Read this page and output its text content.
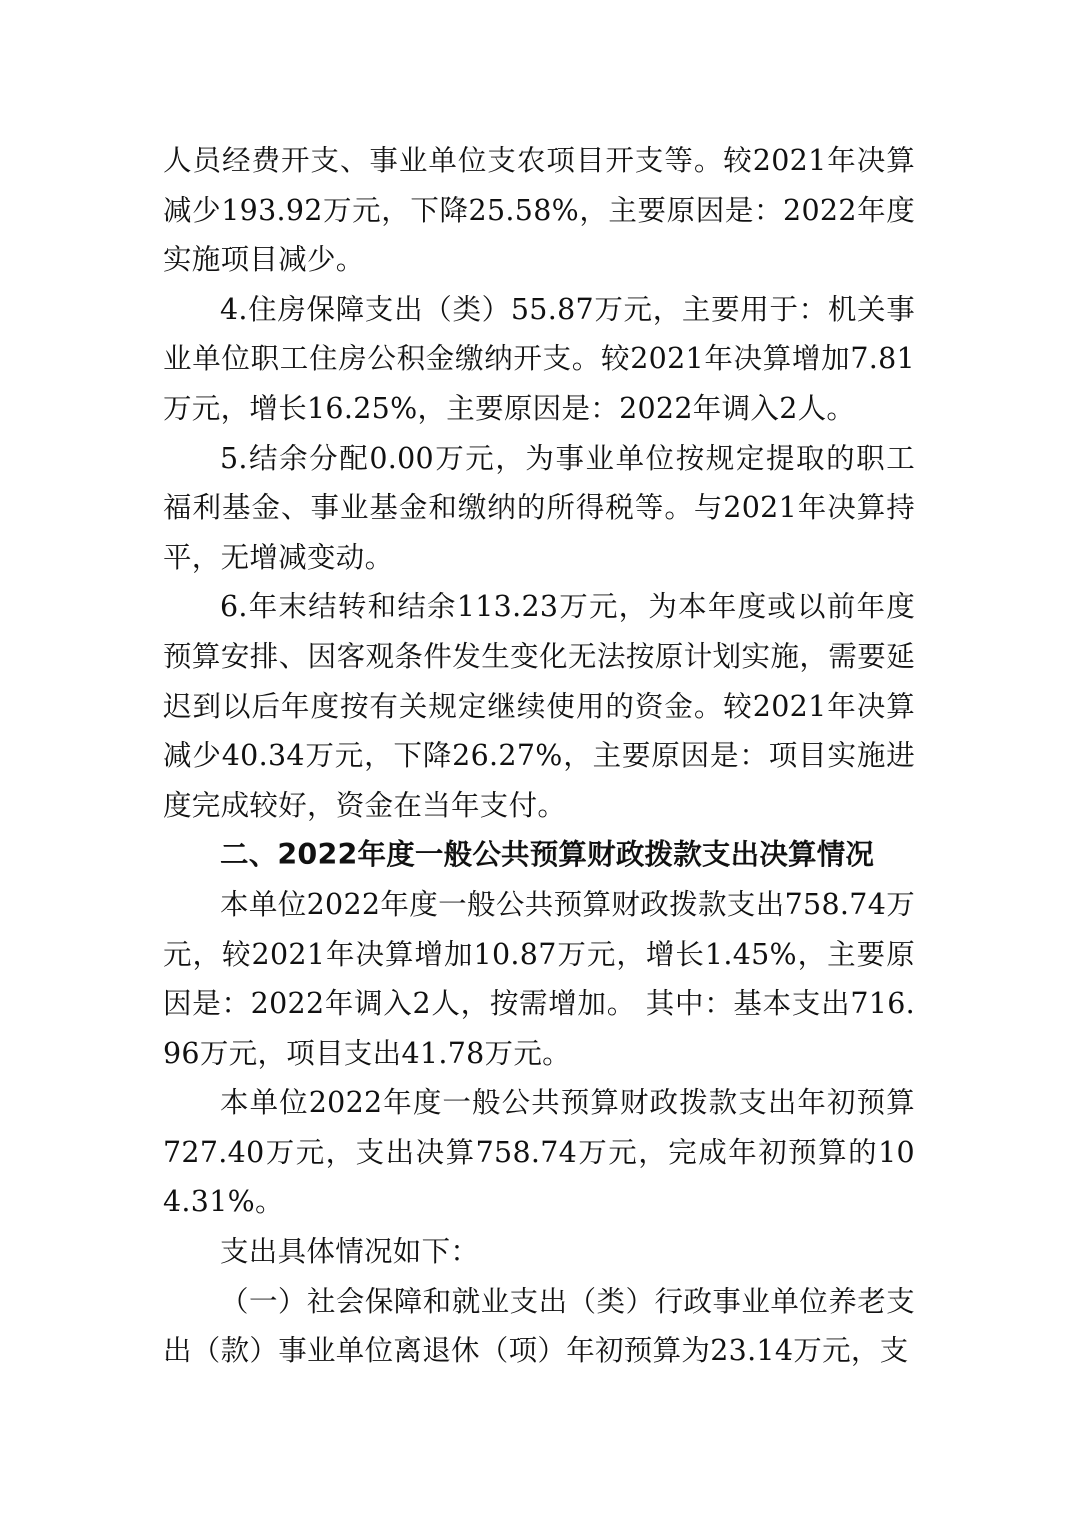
人员经费开支、事业单位支农项目开支等。较2021年决算减少193.92万元，下降25.58%，主要原因是：2022年度实施项目减少。

4.住房保障支出（类）55.87万元，主要用于：机关事业单位职工住房公积金缴纳开支。较2021年决算增加7.81万元，增长16.25%，主要原因是：2022年调入2人。

5.结余分配0.00万元，为事业单位按规定提取的职工福利基金、事业基金和缴纳的所得税等。与2021年决算持平，无增减变动。

6.年末结转和结余113.23万元，为本年度或以前年度预算安排、因客观条件发生变化无法按原计划实施，需要延迟到以后年度按有关规定继续使用的资金。较2021年决算减少40.34万元，下降26.27%，主要原因是：项目实施进度完成较好，资金在当年支付。

二、2022年度一般公共预算财政拨款支出决算情况

本单位2022年度一般公共预算财政拨款支出758.74万元，较2021年决算增加10.87万元，增长1.45%，主要原因是：2022年调入2人，按需增加。 其中：基本支出716.96万元，项目支出41.78万元。

本单位2022年度一般公共预算财政拨款支出年初预算727.40万元，支出决算758.74万元，完成年初预算的104.31%。

支出具体情况如下：

（一）社会保障和就业支出（类）行政事业单位养老支出（款）事业单位离退休（项）年初预算为23.14万元，支
